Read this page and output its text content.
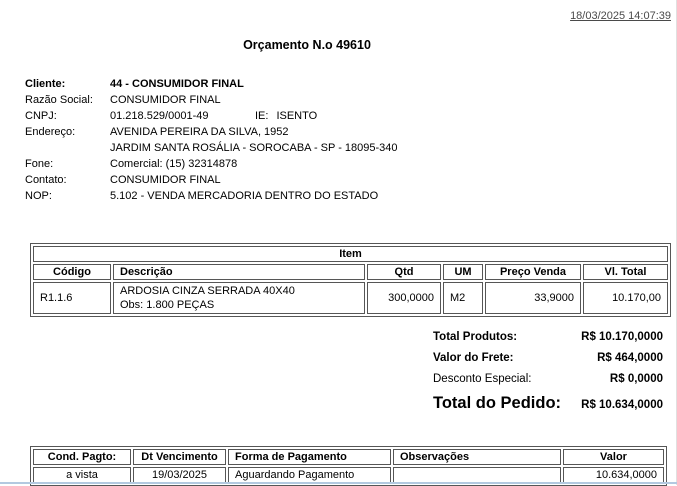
18/03/2025 14:07:39
Orçamento N.o 49610
Cliente:	44 - CONSUMIDOR FINAL
Razão Social:	CONSUMIDOR FINAL
CNPJ:	01.218.529/0001-49	IE: ISENTO
Endereço:	AVENIDA PEREIRA DA SILVA, 1952
JARDIM SANTA ROSÁLIA - SOROCABA - SP - 18095-340
Fone:	Comercial: (15) 32314878
Contato:	CONSUMIDOR FINAL
NOP:	5.102 - VENDA MERCADORIA DENTRO DO ESTADO
Item					
Código	Descrição	Qtd	UM	Preço Venda	Vl. Total
R1.1.6	ARDOSIA CINZA SERRADA 40X40
Obs: 1.800 PEÇAS	300,0000	M2	33,9000	10.170,00
Total Produtos:	R$ 10.170,0000
Valor do Frete:	R$ 464,0000
Desconto Especial:	R$ 0,0000
Total do Pedido: R$ 10.634,0000
Cond. Pagto:	Dt Vencimento	Forma de Pagamento	Observações	Valor
a vista	19/03/2025	Aguardando Pagamento		10.634,0000
